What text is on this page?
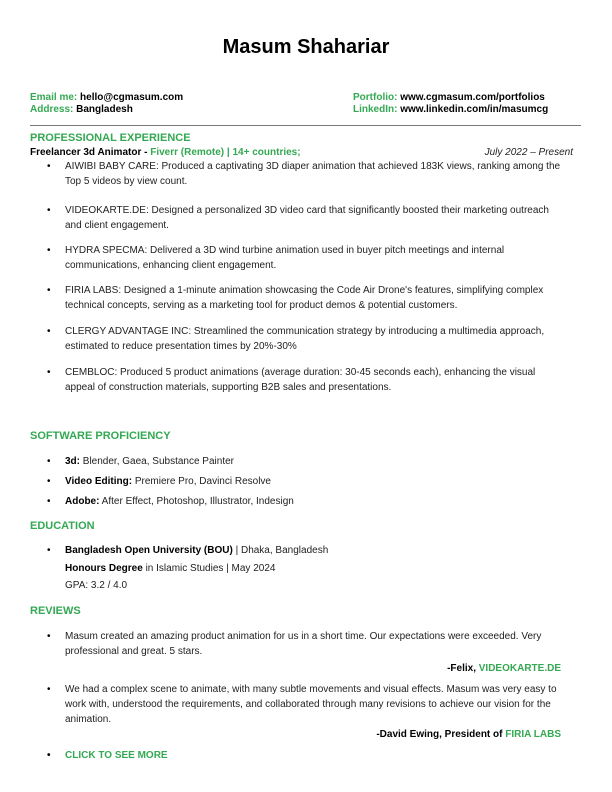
Masum Shahariar
Email me: hello@cgmasum.com
Address: Bangladesh
Portfolio: www.cgmasum.com/portfolios
LinkedIn: www.linkedin.com/in/masumcg
PROFESSIONAL EXPERIENCE
Freelancer 3d Animator - Fiverr (Remote) | 14+ countries;	July 2022 – Present
• AIWIBI BABY CARE: Produced a captivating 3D diaper animation that achieved 183K views, ranking among the Top 5 videos by view count.
• VIDEOKARTE.DE: Designed a personalized 3D video card that significantly boosted their marketing outreach and client engagement.
• HYDRA SPECMA: Delivered a 3D wind turbine animation used in buyer pitch meetings and internal communications, enhancing client engagement.
• FIRIA LABS: Designed a 1-minute animation showcasing the Code Air Drone's features, simplifying complex technical concepts, serving as a marketing tool for product demos & potential customers.
• CLERGY ADVANTAGE INC: Streamlined the communication strategy by introducing a multimedia approach, estimated to reduce presentation times by 20%-30%
• CEMBLOC: Produced 5 product animations (average duration: 30-45 seconds each), enhancing the visual appeal of construction materials, supporting B2B sales and presentations.
SOFTWARE PROFICIENCY
• 3d: Blender, Gaea, Substance Painter
• Video Editing: Premiere Pro, Davinci Resolve
• Adobe: After Effect, Photoshop, Illustrator, Indesign
EDUCATION
• Bangladesh Open University (BOU) | Dhaka, Bangladesh
Honours Degree in Islamic Studies | May 2024
GPA: 3.2 / 4.0
REVIEWS
• Masum created an amazing product animation for us in a short time. Our expectations were exceeded. Very professional and great. 5 stars.
-Felix, VIDEOKARTE.DE
• We had a complex scene to animate, with many subtle movements and visual effects. Masum was very easy to work with, understood the requirements, and collaborated through many revisions to achieve our vision for the animation.
-David Ewing, President of FIRIA LABS
• CLICK TO SEE MORE
